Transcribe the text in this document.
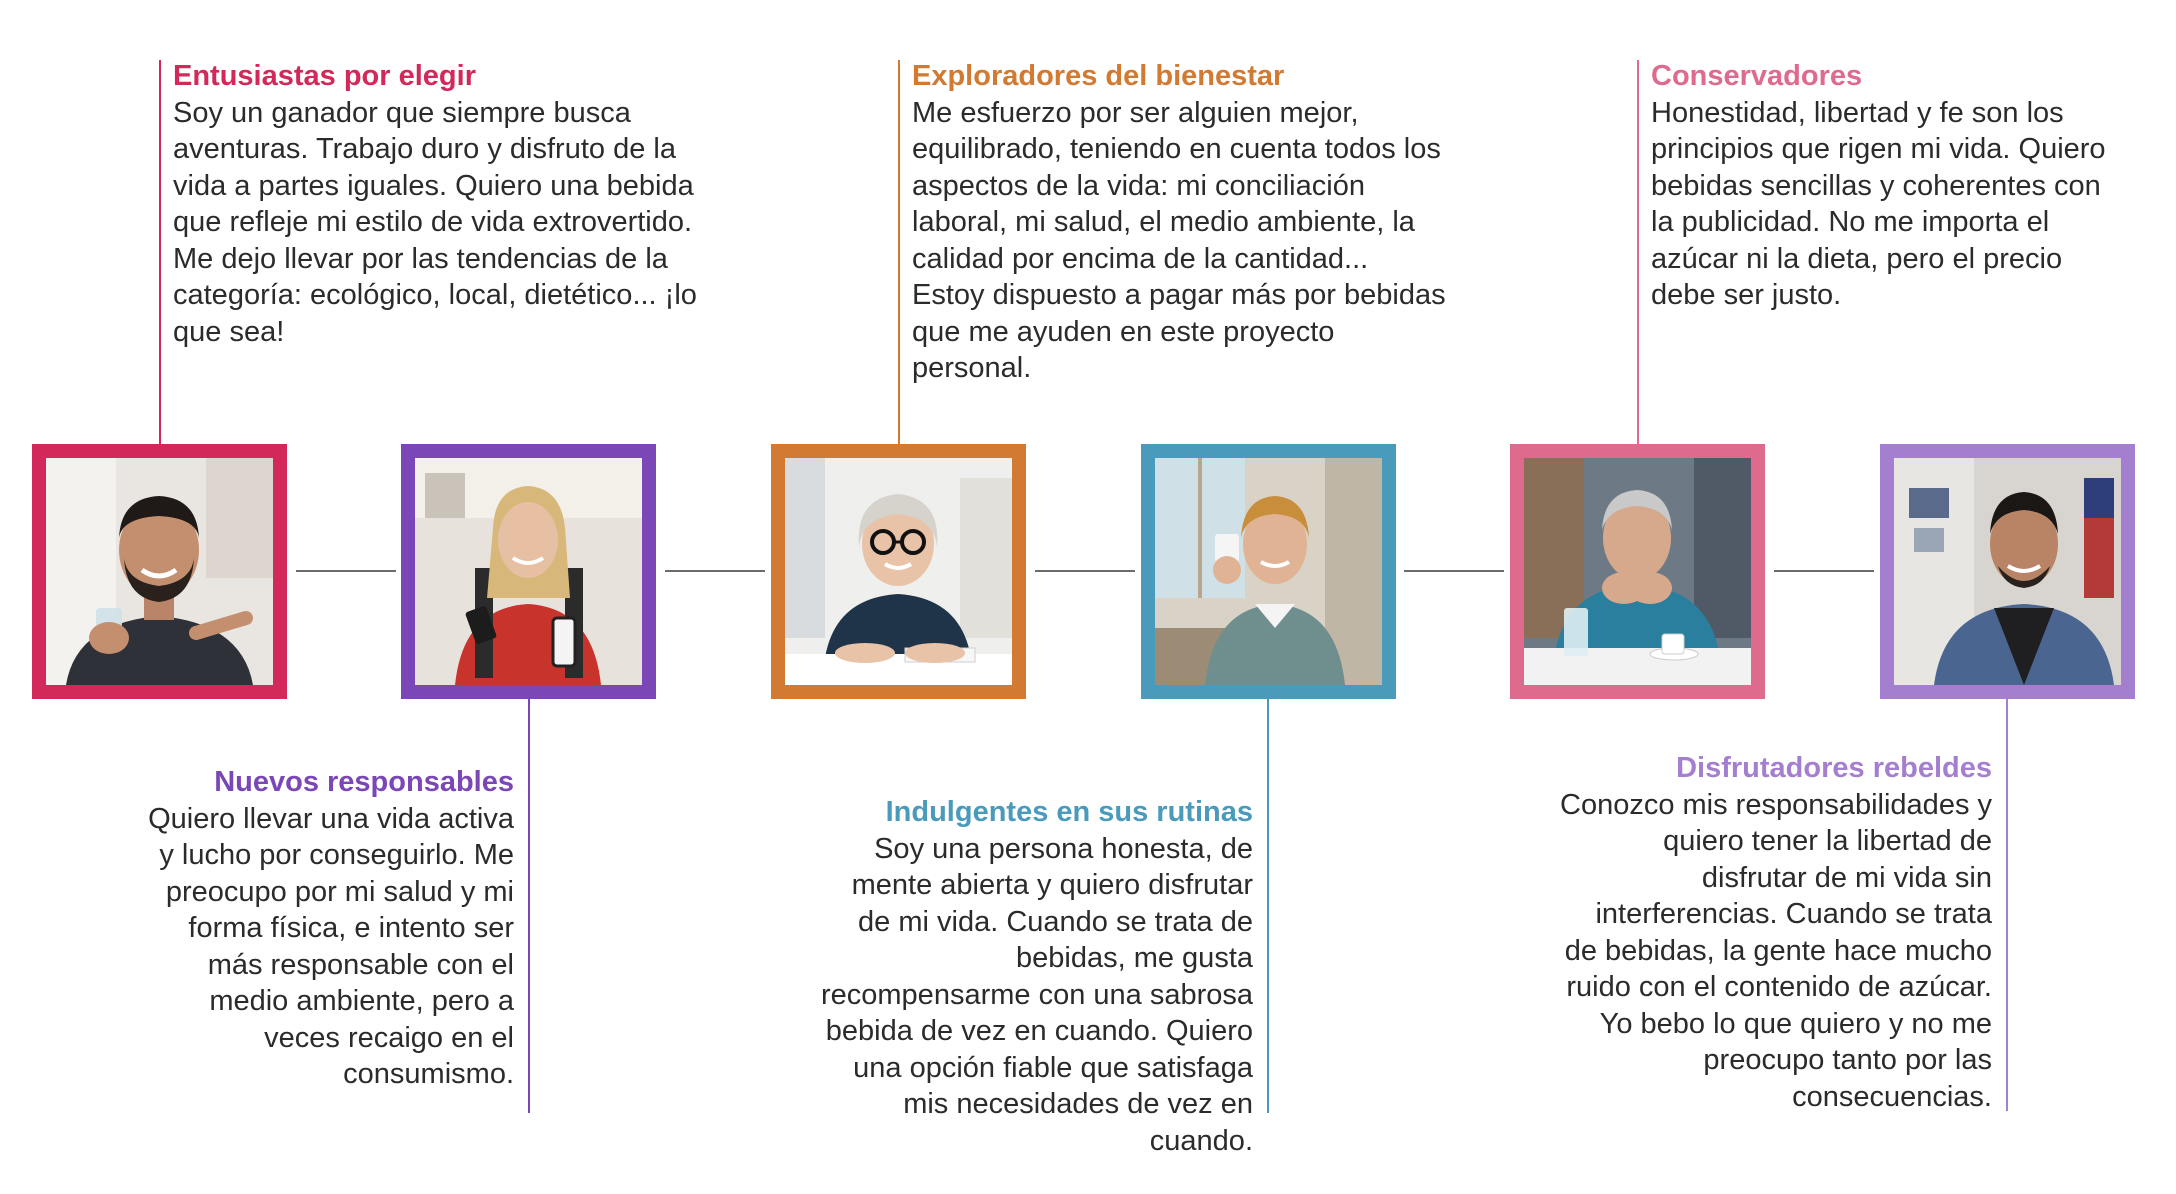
Entusiastas por elegir
Soy un ganador que siempre busca aventuras. Trabajo duro y disfruto de la vida a partes iguales. Quiero una bebida que refleje mi estilo de vida extrovertido. Me dejo llevar por las tendencias de la categoría: ecológico, local, dietético... ¡lo que sea!
Nuevos responsables
Quiero llevar una vida activa y lucho por conseguirlo. Me preocupo por mi salud y mi forma física, e intento ser más responsable con el medio ambiente, pero a veces recaigo en el consumismo.
Exploradores del bienestar
Me esfuerzo por ser alguien mejor, equilibrado, teniendo en cuenta todos los aspectos de la vida: mi conciliación laboral, mi salud, el medio ambiente, la calidad por encima de la cantidad... Estoy dispuesto a pagar más por bebidas que me ayuden en este proyecto personal.
Indulgentes en sus rutinas
Soy una persona honesta, de mente abierta y quiero disfrutar de mi vida. Cuando se trata de bebidas, me gusta recompensarme con una sabrosa bebida de vez en cuando. Quiero una opción fiable que satisfaga mis necesidades de vez en cuando.
Conservadores
Honestidad, libertad y fe son los principios que rigen mi vida. Quiero bebidas sencillas y coherentes con la publicidad. No me importa el azúcar ni la dieta, pero el precio debe ser justo.
Disfrutadores rebeldes
Conozco mis responsabilidades y quiero tener la libertad de disfrutar de mi vida sin interferencias. Cuando se trata de bebidas, la gente hace mucho ruido con el contenido de azúcar. Yo bebo lo que quiero y no me preocupo tanto por las consecuencias.
